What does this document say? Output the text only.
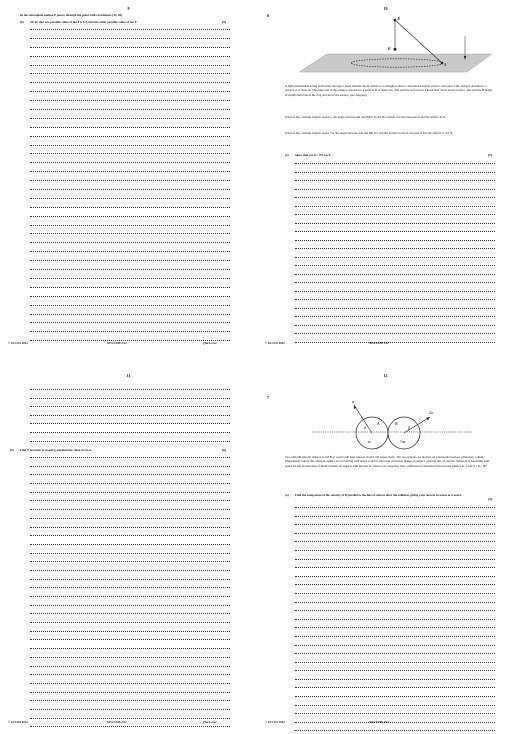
9
In the subsequent motion P passes through the point with coordinates (34, 20).
(b) Given that one possible value of tan θ is 5/3, find the other possible value of tan θ.	[5]
© UCLES 2022	9231/33/M/J/22	[Turn over
10
6
R
B
A
A light inextensible string is threaded through a fixed smooth ring R which is at a height h above a smooth horizontal surface. One end of the string is attached to a particle A of mass m. The other end of the string is attached to a particle B of mass ½m. The particle A moves in a horizontal circle on the surface. The particle B hangs in equilibrium below the ring and above the surface (see diagram).
When A has constant angular speed ω, the angle between AR and BR is θ and the normal reaction between A and the surface is N.
When A has constant angular speed ½ω, the angle between AR and BR is α and the normal reaction between A and the surface is 3/4 N.
(a) Show that cos α = 4/3 cos θ.	[5]
© UCLES 2022	9231/33/M/J/22
11
(b) Find N in terms of m and g and find the value of cos α.	[6]
© UCLES 2022	9231/33/M/J/22	[Turn over
12
7
u
2u
α	β
A	B
m	⅓m
Two uniform smooth spheres A and B of equal radii have masses m and ⅓m respectively. The two spheres are moving on a horizontal surface when they collide. Immediately before the collision, sphere A is travelling with speed u and its direction of motion makes an angle α with the line of centres. Sphere B is travelling with speed 2u and its direction of motion makes an angle β with the line of centres (see diagram). The coefficient of restitution between the spheres is ½ and α + β = 90°.
(a) Find the component of the velocity of B parallel to the line of centres after the collision, giving your answer in terms of u and α.
[4]
© UCLES 2022	9231/33/M/J/22
